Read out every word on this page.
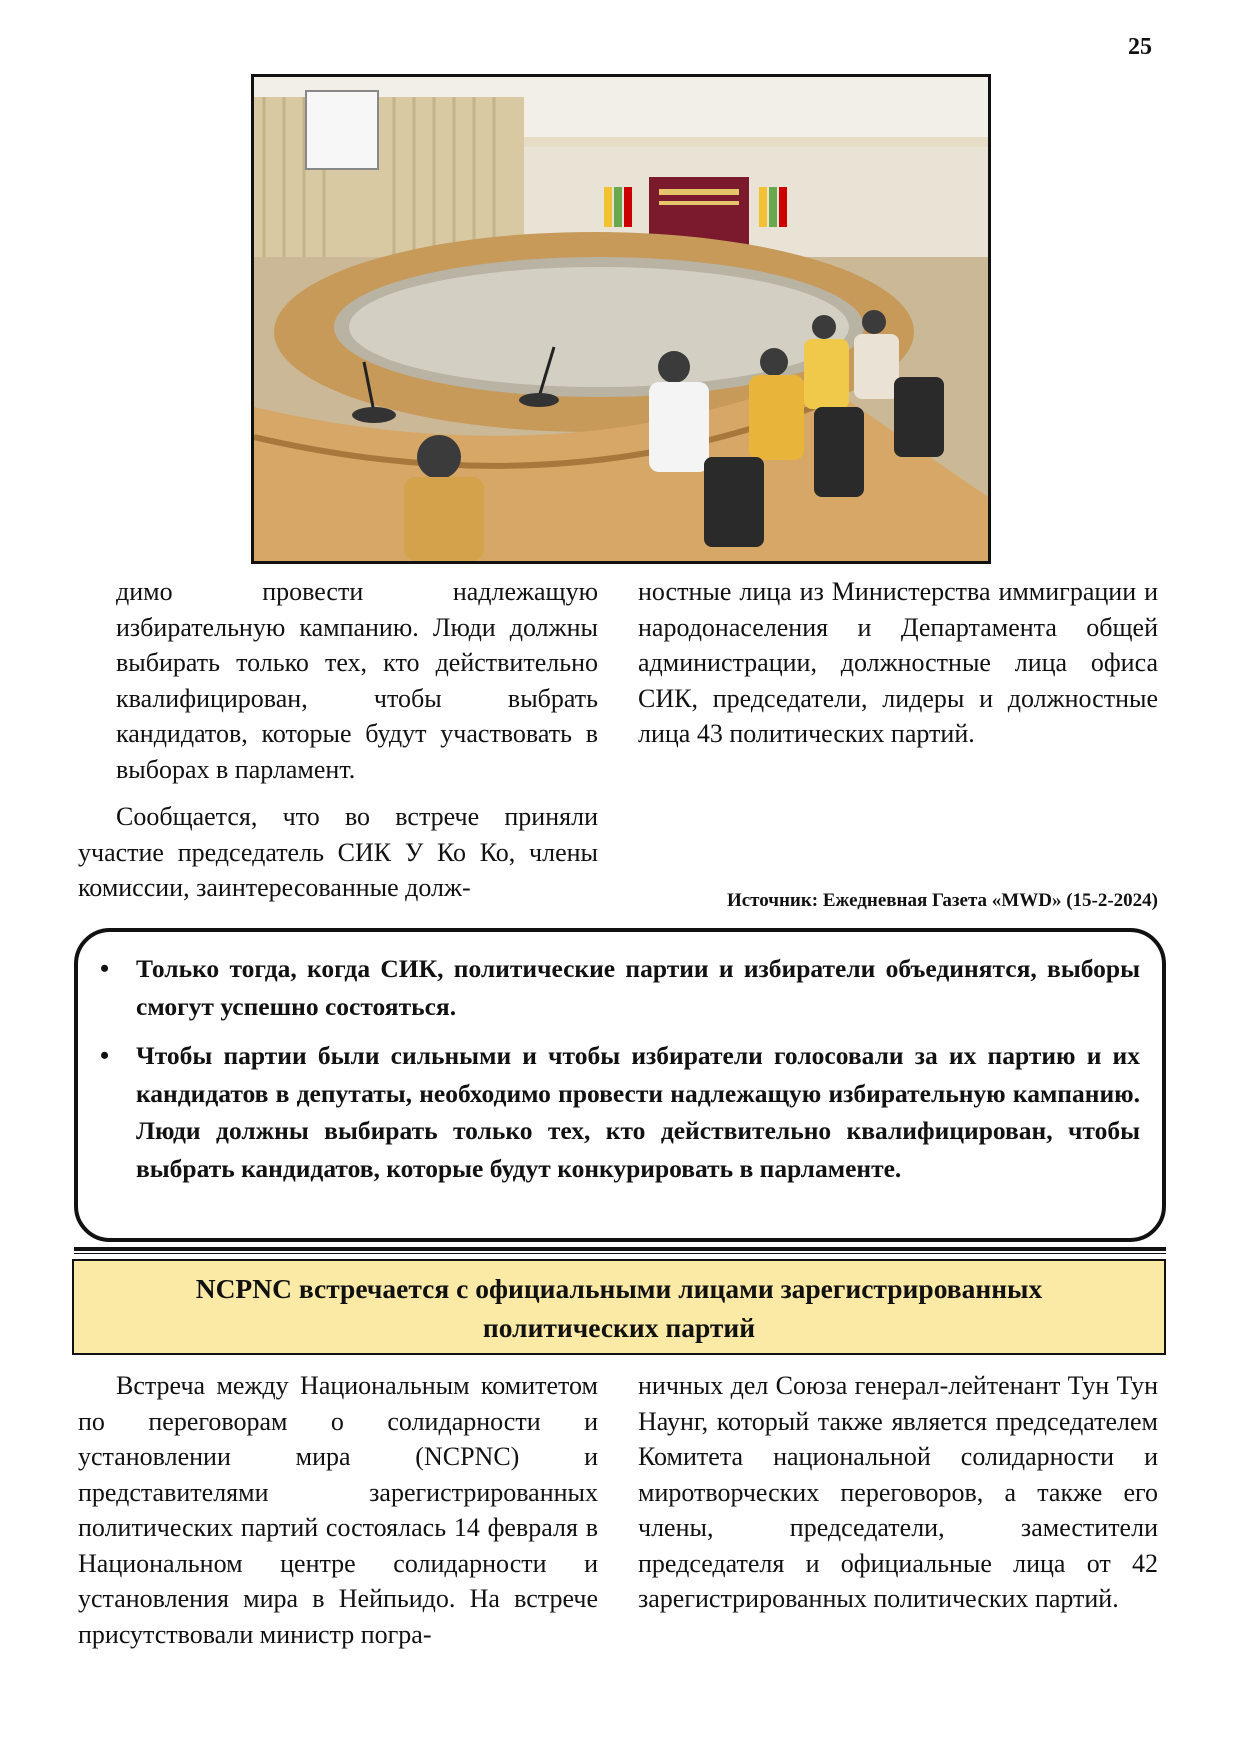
25

димо провести надлежащую избирательную кампанию. Люди должны выбирать только тех, кто действительно квалифицирован, чтобы выбрать кандидатов, которые будут участвовать в выборах в парламент.

Сообщается, что во встрече приняли участие председатель СИК У Ко Ко, члены комиссии, заинтересованные долж-

ностные лица из Министерства иммиграции и народонаселения и Департамента общей администрации, должностные лица офиса СИК, председатели, лидеры и должностные лица 43 политических партий.

Источник: Ежедневная Газета «MWD» (15-2-2024)
• Только тогда, когда СИК, политические партии и избиратели объединятся, выборы смогут успешно состояться.
• Чтобы партии были сильными и чтобы избиратели голосовали за их партию и их кандидатов в депутаты, необходимо провести надлежащую избирательную кампанию. Люди должны выбирать только тех, кто действительно квалифицирован, чтобы выбрать кандидатов, которые будут конкурировать в парламенте.
NCPNC встречается с официальными лицами зарегистрированных
политических партий

Встреча между Национальным комитетом по переговорам о солидарности и установлении мира (NCPNC) и представителями зарегистрированных политических партий состоялась 14 февраля в Национальном центре солидарности и установления мира в Нейпьидо. На встрече присутствовали министр погра-

ничных дел Союза генерал-лейтенант Тун Тун Наунг, который также является председателем Комитета национальной солидарности и миротворческих переговоров, а также его члены, председатели, заместители председателя и официальные лица от 42 зарегистрированных политических партий.
